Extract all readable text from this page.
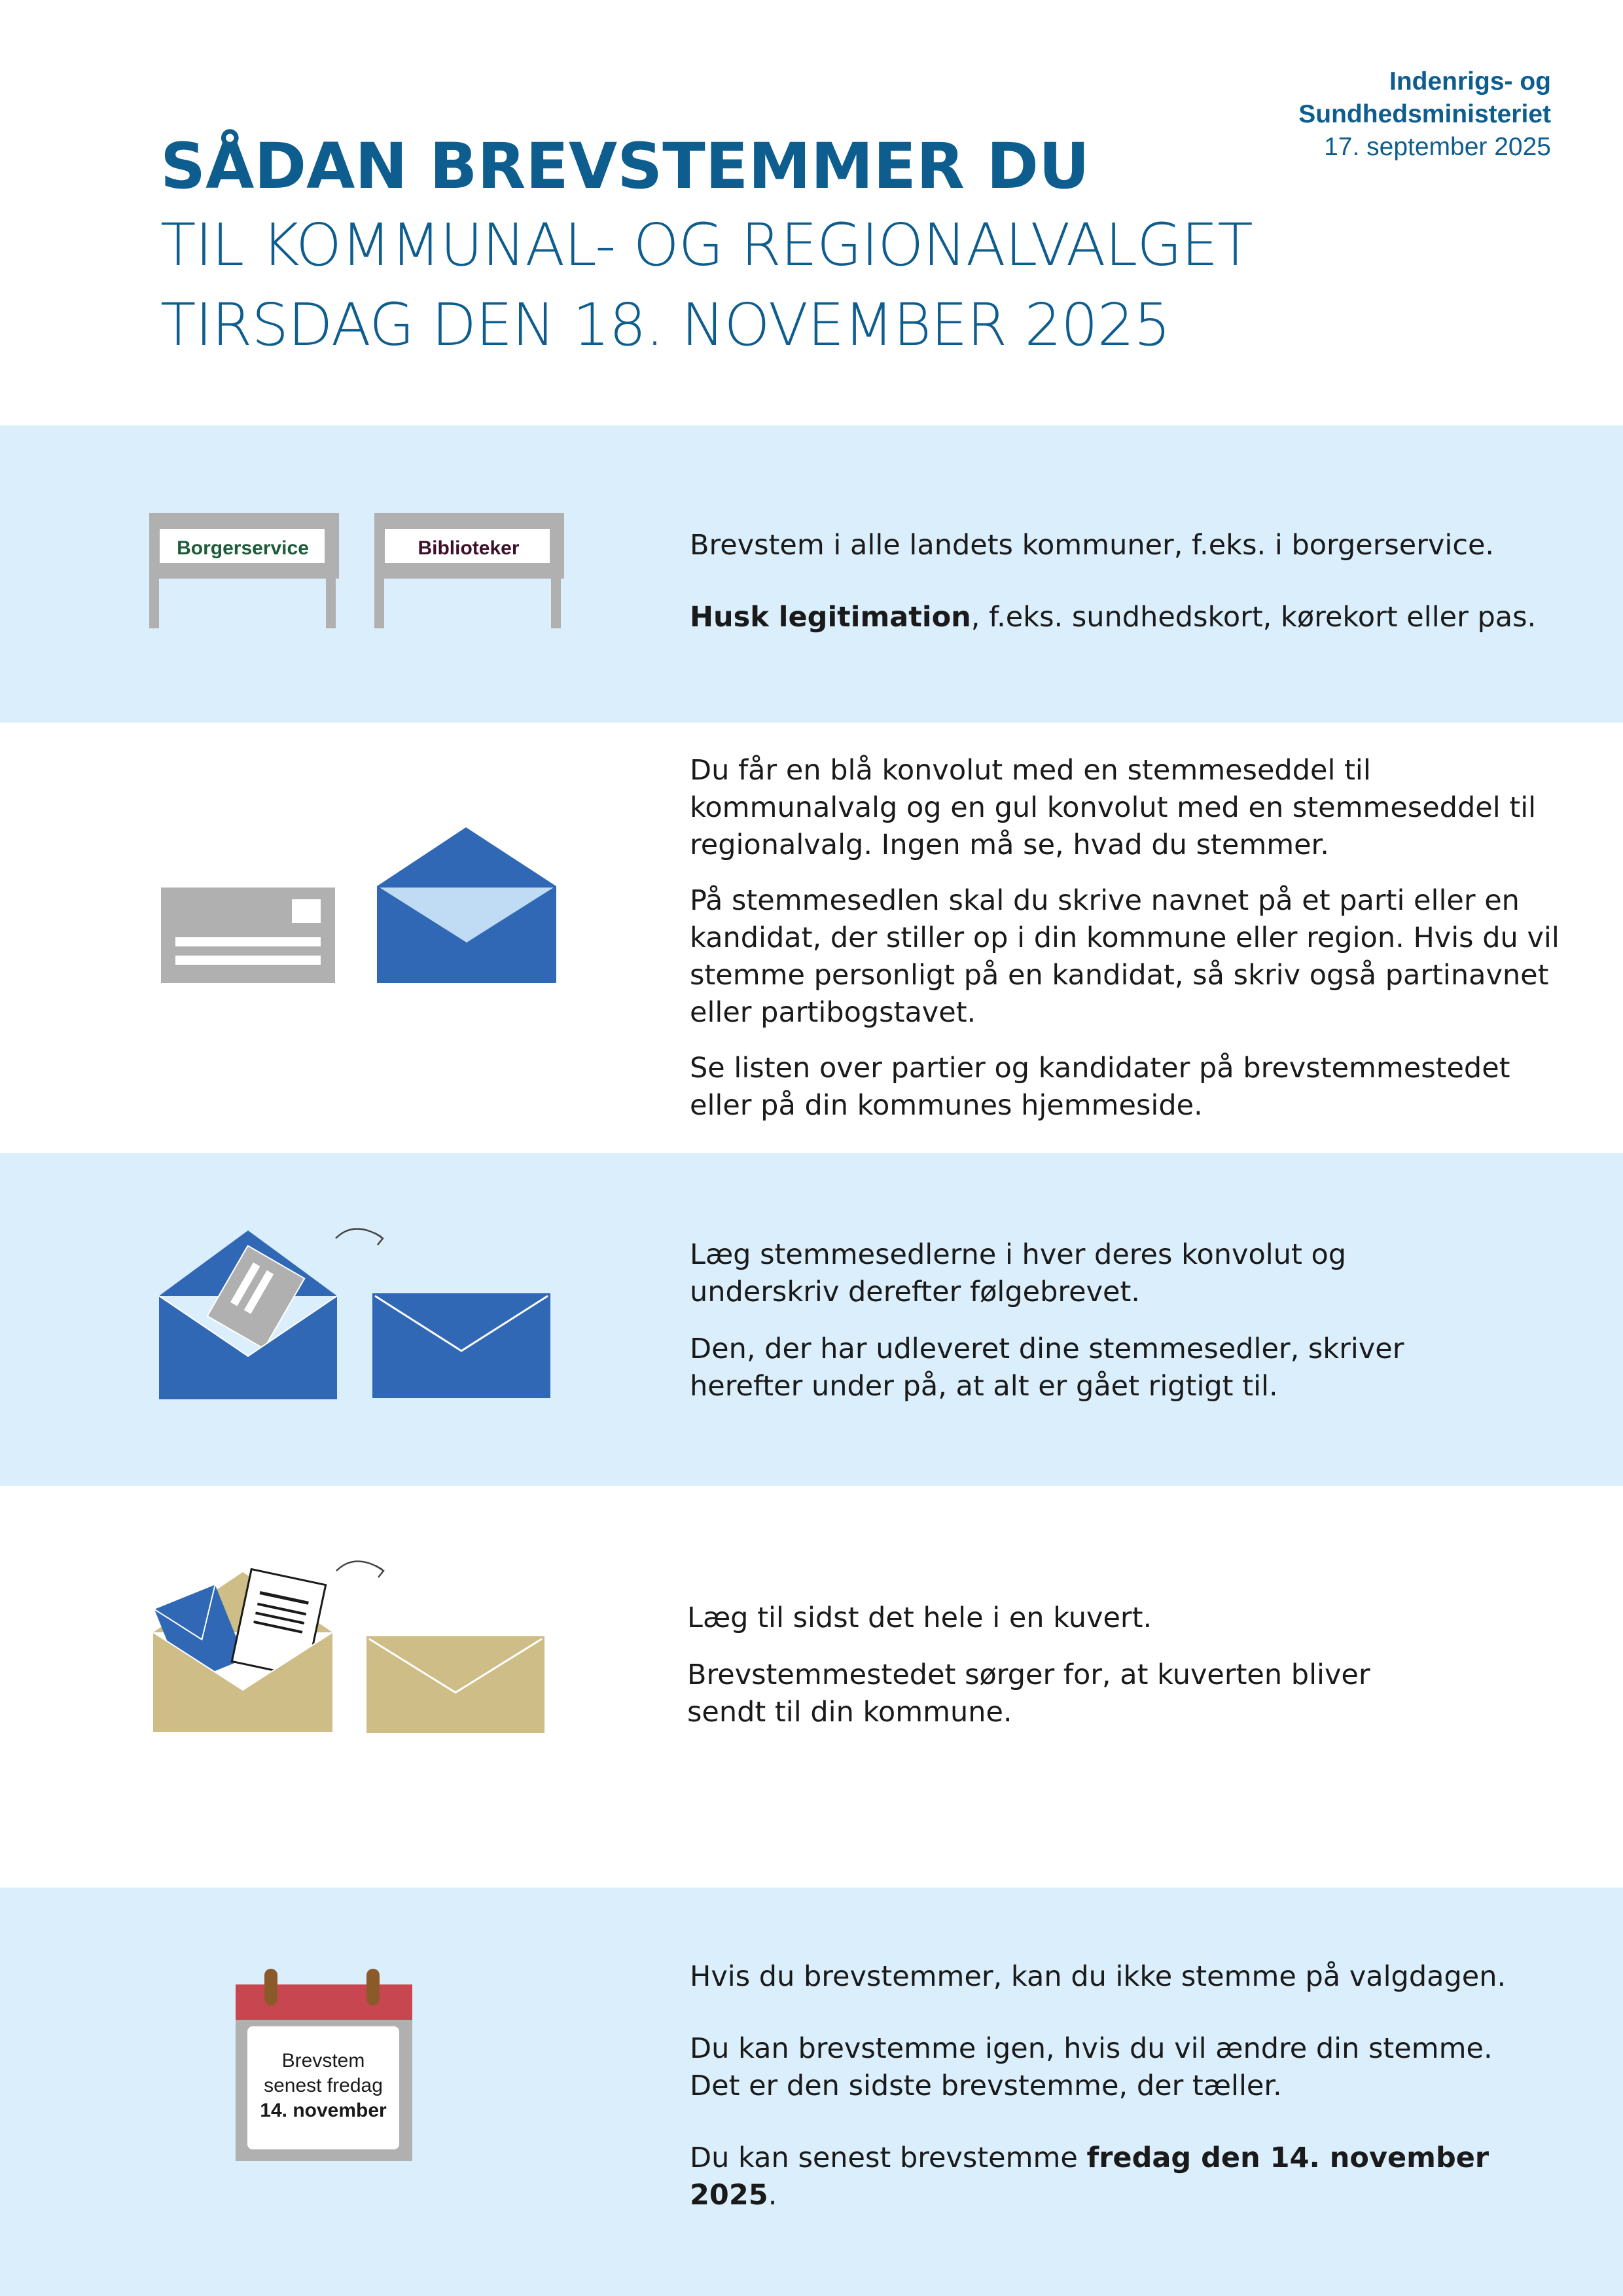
Indenrigs- og
Sundhedsministeriet
17. september 2025
SÅDAN BREVSTEMMER DU
TIL KOMMUNAL- OG REGIONALVALGET
TIRSDAG DEN 18. NOVEMBER 2025
Borgerservice	Biblioteker	Brevstem i alle landets kommuner, f.eks. i borgerservice.

Husk legitimation, f.eks. sundhedskort, kørekort eller pas.

Du får en blå konvolut med en stemmeseddel til kommunalvalg og en gul konvolut med en stemmeseddel til regionalvalg. Ingen må se, hvad du stemmer.

På stemmesedlen skal du skrive navnet på et parti eller en kandidat, der stiller op i din kommune eller region. Hvis du vil stemme personligt på en kandidat, så skriv også partinavnet eller partibogstavet.

Se listen over partier og kandidater på brevstemmestedet eller på din kommunes hjemmeside.

Læg stemmesedlerne i hver deres konvolut og underskriv derefter følgebrevet.

Den, der har udleveret dine stemmesedler, skriver herefter under på, at alt er gået rigtigt til.

Læg til sidst det hele i en kuvert.

Brevstemmestedet sørger for, at kuverten bliver sendt til din kommune.

Brevstem
senest fredag
14. november

Hvis du brevstemmer, kan du ikke stemme på valgdagen.

Du kan brevstemme igen, hvis du vil ændre din stemme.

Det er den sidste brevstemme, der tæller.

Du kan senest brevstemme fredag den 14. november 2025.
